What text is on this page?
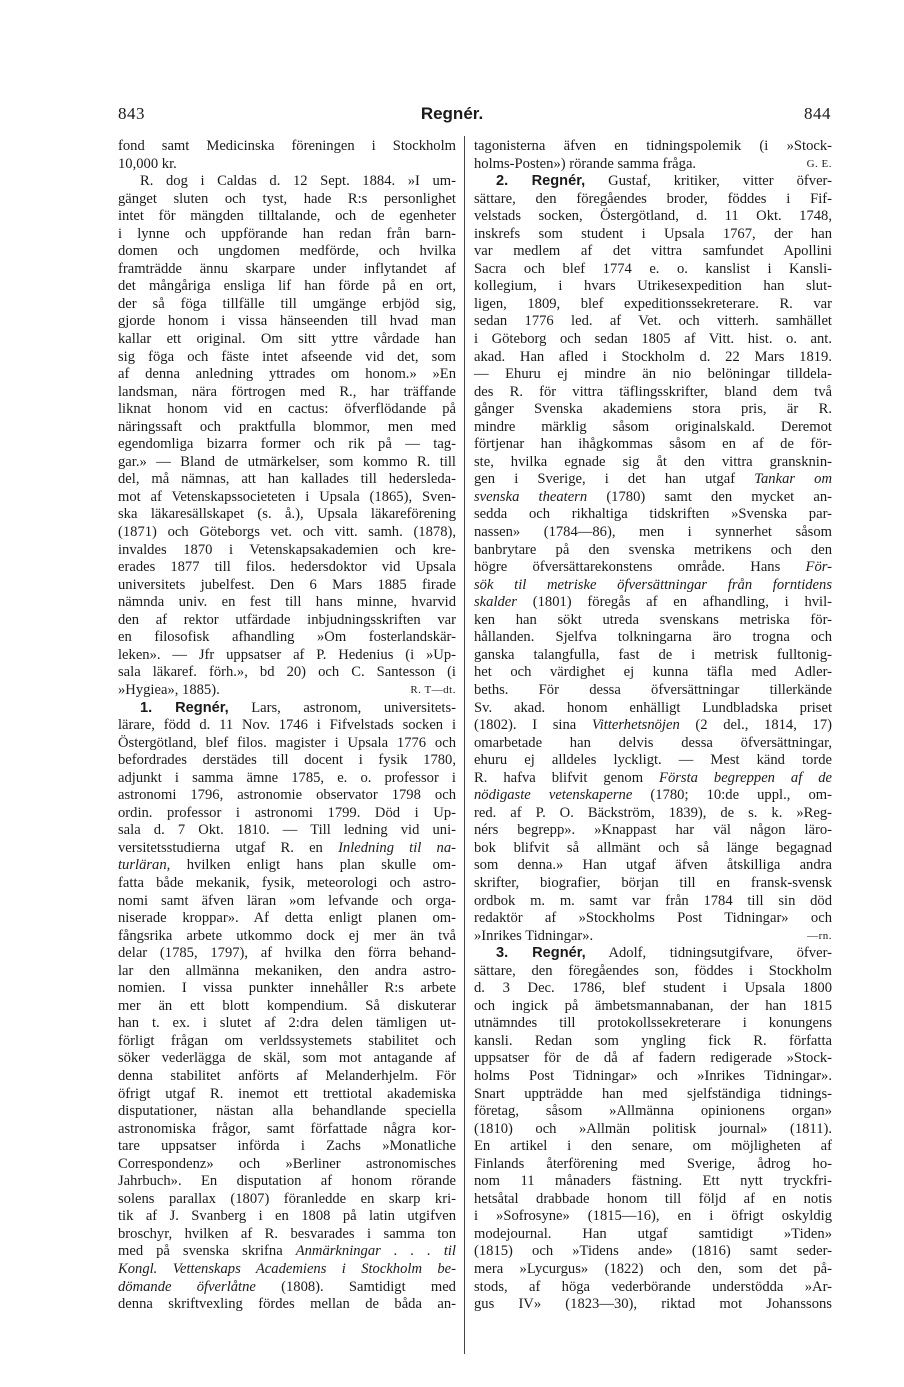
843	Regnér.	844
fond samt Medicinska föreningen i Stockholm
10,000 kr.
R. dog i Caldas d. 12 Sept. 1884. »I um-
gänget sluten och tyst, hade R:s personlighet
intet för mängden tilltalande, och de egenheter
i lynne och uppförande han redan från barn-
domen och ungdomen medförde, och hvilka
framträdde ännu skarpare under inflytandet af
det mångåriga ensliga lif han förde på en ort,
der så föga tillfälle till umgänge erbjöd sig,
gjorde honom i vissa hänseenden till hvad man
kallar ett original. Om sitt yttre vårdade han
sig föga och fäste intet afseende vid det, som
af denna anledning yttrades om honom.» »En
landsman, nära förtrogen med R., har träffande
liknat honom vid en cactus: öfverflödande på
näringssaft och praktfulla blommor, men med
egendomliga bizarra former och rik på — tag-
gar.» — Bland de utmärkelser, som kommo R. till
del, må nämnas, att han kallades till hedersleda-
mot af Vetenskapssocieteten i Upsala (1865), Sven-
ska läkaresällskapet (s. å.), Upsala läkareförening
(1871) och Göteborgs vet. och vitt. samh. (1878),
invaldes 1870 i Vetenskapsakademien och kre-
erades 1877 till filos. hedersdoktor vid Upsala
universitets jubelfest. Den 6 Mars 1885 firade
nämnda univ. en fest till hans minne, hvarvid
den af rektor utfärdade inbjudningsskriften var
en filosofisk afhandling »Om fosterlandskär-
leken». — Jfr uppsatser af P. Hedenius (i »Up-
sala läkaref. förh.», bd 20) och C. Santesson (i
»Hygiea», 1885).	R. T—dt.
1. Regnér, Lars, astronom, universitets-
lärare, född d. 11 Nov. 1746 i Fifvelstads socken i
Östergötland, blef filos. magister i Upsala 1776 och
befordrades derstädes till docent i fysik 1780,
adjunkt i samma ämne 1785, e. o. professor i
astronomi 1796, astronomie observator 1798 och
ordin. professor i astronomi 1799. Död i Up-
sala d. 7 Okt. 1810. — Till ledning vid uni-
versitetsstudierna utgaf R. en Inledning til na-
turläran, hvilken enligt hans plan skulle om-
fatta både mekanik, fysik, meteorologi och astro-
nomi samt äfven läran »om lefvande och orga-
niserade kroppar». Af detta enligt planen om-
fångsrika arbete utkommo dock ej mer än två
delar (1785, 1797), af hvilka den förra behand-
lar den allmänna mekaniken, den andra astro-
nomien. I vissa punkter innehåller R:s arbete
mer än ett blott kompendium. Så diskuterar
han t. ex. i slutet af 2:dra delen tämligen ut-
förligt frågan om verldssystemets stabilitet och
söker vederlägga de skäl, som mot antagande af
denna stabilitet anförts af Melanderhjelm. För
öfrigt utgaf R. inemot ett trettiotal akademiska
disputationer, nästan alla behandlande speciella
astronomiska frågor, samt författade några kor-
tare uppsatser införda i Zachs »Monatliche
Correspondenz» och »Berliner astronomisches
Jahrbuch». En disputation af honom rörande
solens parallax (1807) föranledde en skarp kri-
tik af J. Svanberg i en 1808 på latin utgifven
broschyr, hvilken af R. besvarades i samma ton
med på svenska skrifna Anmärkningar . . . til
Kongl. Vettenskaps Academiens i Stockholm be-
dömande öfverlåtne (1808). Samtidigt med
denna skriftvexling fördes mellan de båda an-
tagonisterna äfven en tidningspolemik (i »Stock-
holms-Posten») rörande samma fråga.	G. E.
2. Regnér, Gustaf, kritiker, vitter öfver-
sättare, den föregåendes broder, föddes i Fif-
velstads socken, Östergötland, d. 11 Okt. 1748,
inskrefs som student i Upsala 1767, der han
var medlem af det vittra samfundet Apollini
Sacra och blef 1774 e. o. kanslist i Kansli-
kollegium, i hvars Utrikesexpedition han slut-
ligen, 1809, blef expeditionssekreterare. R. var
sedan 1776 led. af Vet. och vitterh. samhället
i Göteborg och sedan 1805 af Vitt. hist. o. ant.
akad. Han afled i Stockholm d. 22 Mars 1819.
— Ehuru ej mindre än nio belöningar tilldela-
des R. för vittra täflingsskrifter, bland dem två
gånger Svenska akademiens stora pris, är R.
mindre märklig såsom originalskald. Deremot
förtjenar han ihågkommas såsom en af de för-
ste, hvilka egnade sig åt den vittra gransknin-
gen i Sverige, i det han utgaf Tankar om
svenska theatern (1780) samt den mycket an-
sedda och rikhaltiga tidskriften »Svenska par-
nassen» (1784—86), men i synnerhet såsom
banbrytare på den svenska metrikens och den
högre öfversättarekonstens område. Hans För-
sök til metriske öfversättningar från forntidens
skalder (1801) föregås af en afhandling, i hvil-
ken han sökt utreda svenskans metriska för-
hållanden. Sjelfva tolkningarna äro trogna och
ganska talangfulla, fast de i metrisk fulltonig-
het och värdighet ej kunna täfla med Adler-
beths. För dessa öfversättningar tillerkände
Sv. akad. honom enhälligt Lundbladska priset
(1802). I sina Vitterhetsnöjen (2 del., 1814, 17)
omarbetade han delvis dessa öfversättningar,
ehuru ej alldeles lyckligt. — Mest känd torde
R. hafva blifvit genom Första begreppen af de
nödigaste vetenskaperne (1780; 10:de uppl., om-
red. af P. O. Bäckström, 1839), de s. k. »Reg-
nérs begrepp». »Knappast har väl någon läro-
bok blifvit så allmänt och så länge begagnad
som denna.» Han utgaf äfven åtskilliga andra
skrifter, biografier, början till en fransk-svensk
ordbok m. m. samt var från 1784 till sin död
redaktör af »Stockholms Post Tidningar» och
»Inrikes Tidningar».	—rn.
3. Regnér, Adolf, tidningsutgifvare, öfver-
sättare, den föregåendes son, föddes i Stockholm
d. 3 Dec. 1786, blef student i Upsala 1800
och ingick på ämbetsmannabanan, der han 1815
utnämndes till protokollssekreterare i konungens
kansli. Redan som yngling fick R. författa
uppsatser för de då af fadern redigerade »Stock-
holms Post Tidningar» och »Inrikes Tidningar».
Snart uppträdde han med sjelfständiga tidnings-
företag, såsom »Allmänna opinionens organ»
(1810) och »Allmän politisk journal» (1811).
En artikel i den senare, om möjligheten af
Finlands återförening med Sverige, ådrog ho-
nom 11 månaders fästning. Ett nytt tryckfri-
hetsåtal drabbade honom till följd af en notis
i »Sofrosyne» (1815—16), en i öfrigt oskyldig
modejournal. Han utgaf samtidigt »Tiden»
(1815) och »Tidens ande» (1816) samt seder-
mera »Lycurgus» (1822) och den, som det på-
stods, af höga vederbörande understödda »Ar-
gus IV» (1823—30), riktad mot Johanssons
